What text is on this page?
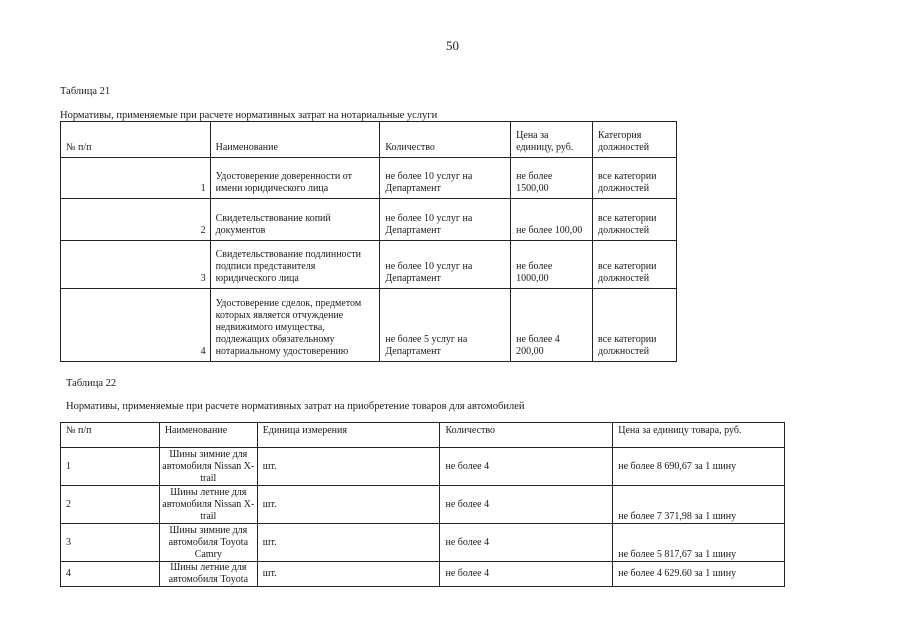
50
Таблица 21
Нормативы, применяемые при расчете нормативных затрат на нотариальные услуги
№ п/п	Наименование	Количество	Цена за единицу, руб.	Категория должностей
1	Удостоверение доверенности от имени юридического лица	не более 10 услуг на Департамент	не более 1500,00	все категории должностей
2	Свидетельствование копий документов	не более 10 услуг на Департамент	не более 100,00	все категории должностей
3	Свидетельствование подлинности подписи представителя юридического лица	не более 10 услуг на Департамент	не более 1000,00	все категории должностей
4	Удостоверение сделок, предметом которых является отчуждение недвижимого имущества, подлежащих обязательному нотариальному удостоверению	не более 5 услуг на Департамент	не более 4 200,00	все категории должностей
Таблица 22
Нормативы, применяемые при расчете нормативных затрат на приобретение товаров для автомобилей
№ п/п	Наименование	Единица измерения	Количество	Цена за единицу товара, руб.
1	Шины зимние для автомобиля Nissan X-trail	шт.	не более 4	не более 8 690,67 за 1 шину
2	Шины летние для автомобиля Nissan X-trail	шт.	не более 4	не более 7 371,98 за 1 шину
3	Шины зимние для автомобиля Toyota Camry	шт.	не более 4	не более 5 817,67 за 1 шину
4	Шины летние для автомобиля Toyota	шт.	не более 4	не более 4 629.60 за 1 шину
